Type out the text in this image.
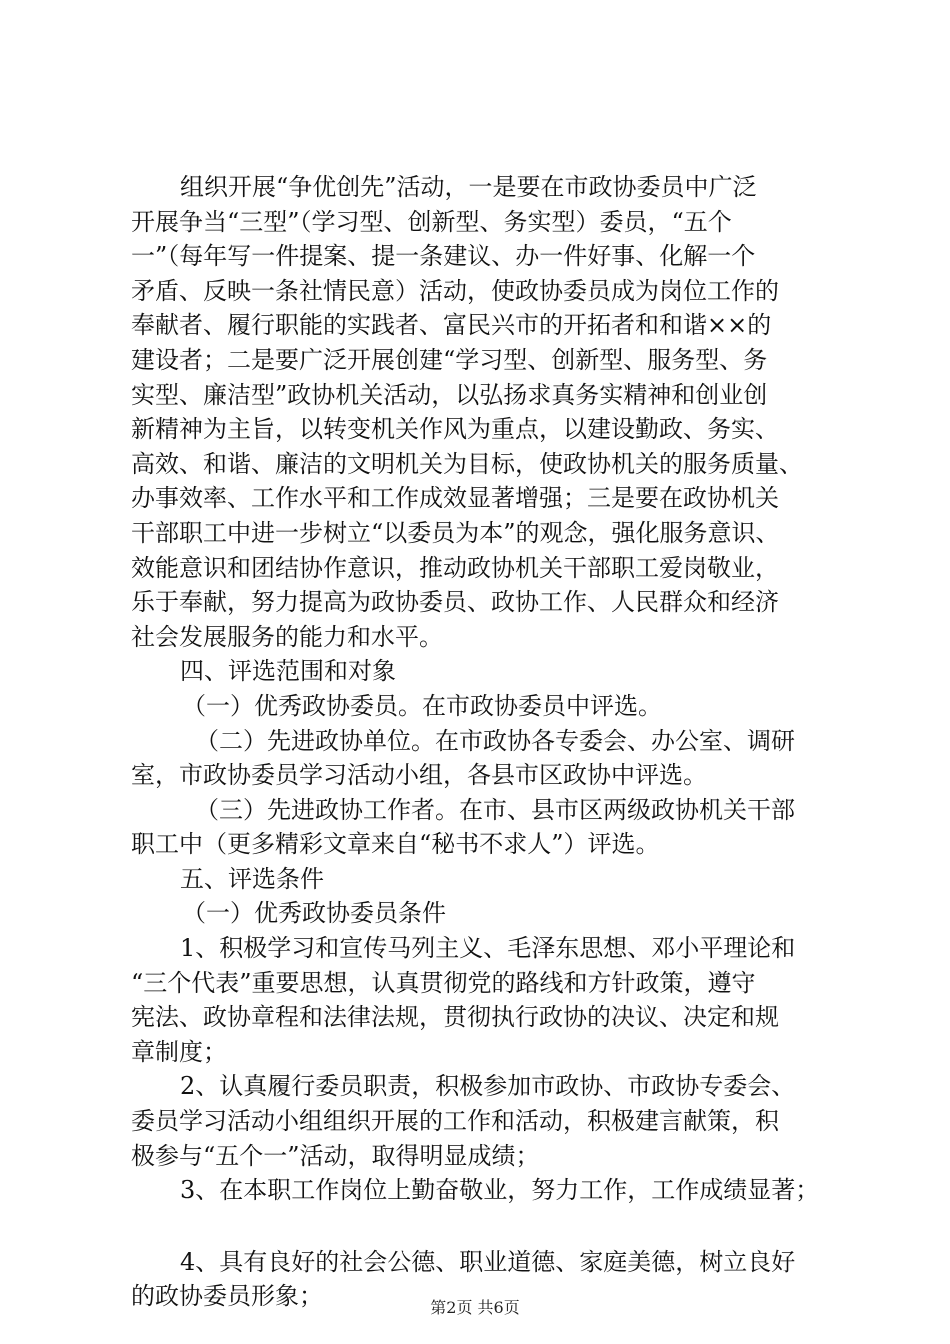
组织开展“争优创先”活动，一是要在市政协委员中广泛
开展争当“三型”（学习型、创新型、务实型）委员，“五个
一”（每年写一件提案、提一条建议、办一件好事、化解一个
矛盾、反映一条社情民意）活动，使政协委员成为岗位工作的
奉献者、履行职能的实践者、富民兴市的开拓者和和谐××的
建设者；二是要广泛开展创建“学习型、创新型、服务型、务
实型、廉洁型”政协机关活动，以弘扬求真务实精神和创业创
新精神为主旨，以转变机关作风为重点，以建设勤政、务实、
高效、和谐、廉洁的文明机关为目标，使政协机关的服务质量、
办事效率、工作水平和工作成效显著增强；三是要在政协机关
干部职工中进一步树立“以委员为本”的观念，强化服务意识、
效能意识和团结协作意识，推动政协机关干部职工爱岗敬业，
乐于奉献，努力提高为政协委员、政协工作、人民群众和经济
社会发展服务的能力和水平。
四、评选范围和对象
（一）优秀政协委员。在市政协委员中评选。
（二）先进政协单位。在市政协各专委会、办公室、调研
室，市政协委员学习活动小组，各县市区政协中评选。
（三）先进政协工作者。在市、县市区两级政协机关干部
职工中（更多精彩文章来自“秘书不求人”）评选。
五、评选条件
（一）优秀政协委员条件
1、积极学习和宣传马列主义、毛泽东思想、邓小平理论和
“三个代表”重要思想，认真贯彻党的路线和方针政策，遵守
宪法、政协章程和法律法规，贯彻执行政协的决议、决定和规
章制度；
2、认真履行委员职责，积极参加市政协、市政协专委会、
委员学习活动小组组织开展的工作和活动，积极建言献策，积
极参与“五个一”活动，取得明显成绩；
3、在本职工作岗位上勤奋敬业，努力工作，工作成绩显著；
4、具有良好的社会公德、职业道德、家庭美德，树立良好
的政协委员形象；	第2页 共6页
